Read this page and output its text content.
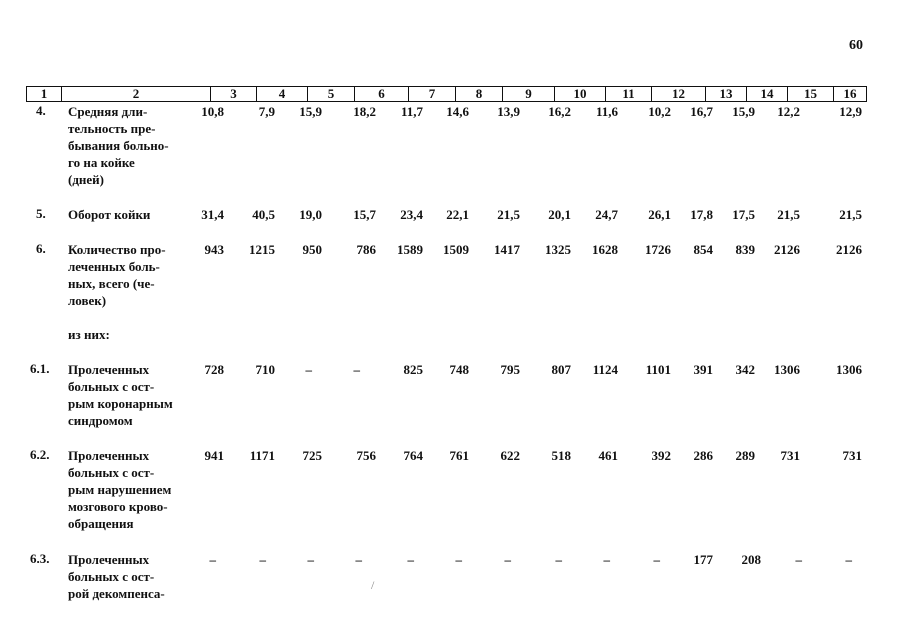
60
1	2	3	4	5	6	7	8	9	10	11	12	13	14	15	16
4.	Средняя дли-
тельность пре-
бывания больно-
го на койке
(дней)
10,8	7,9	15,9	18,2	11,7	14,6	13,9	16,2	11,6	10,2	16,7	15,9	12,2	12,9
5.	Оборот койки	31,4	40,5	19,0	15,7	23,4	22,1	21,5	20,1	24,7	26,1	17,8	17,5	21,5	21,5
6.	Количество про-
леченных боль-
ных, всего (че-
ловек)
943	1215	950	786	1589	1509	1417	1325	1628	1726	854	839	2126	2126
из них:
6.1.	Пролеченных
больных с ост-
рым коронарным
синдромом
728	710	–	–	825	748	795	807	1124	1101	391	342	1306	1306
6.2.	Пролеченных
больных с ост-
рым нарушением
мозгового крово-
обращения
941	1171	725	756	764	761	622	518	461	392	286	289	731	731
6.3.	Пролеченных
больных с ост-
рой декомпенса-
–	–	–	–	–	–	–	–	–	–	177	208	–	–
/
